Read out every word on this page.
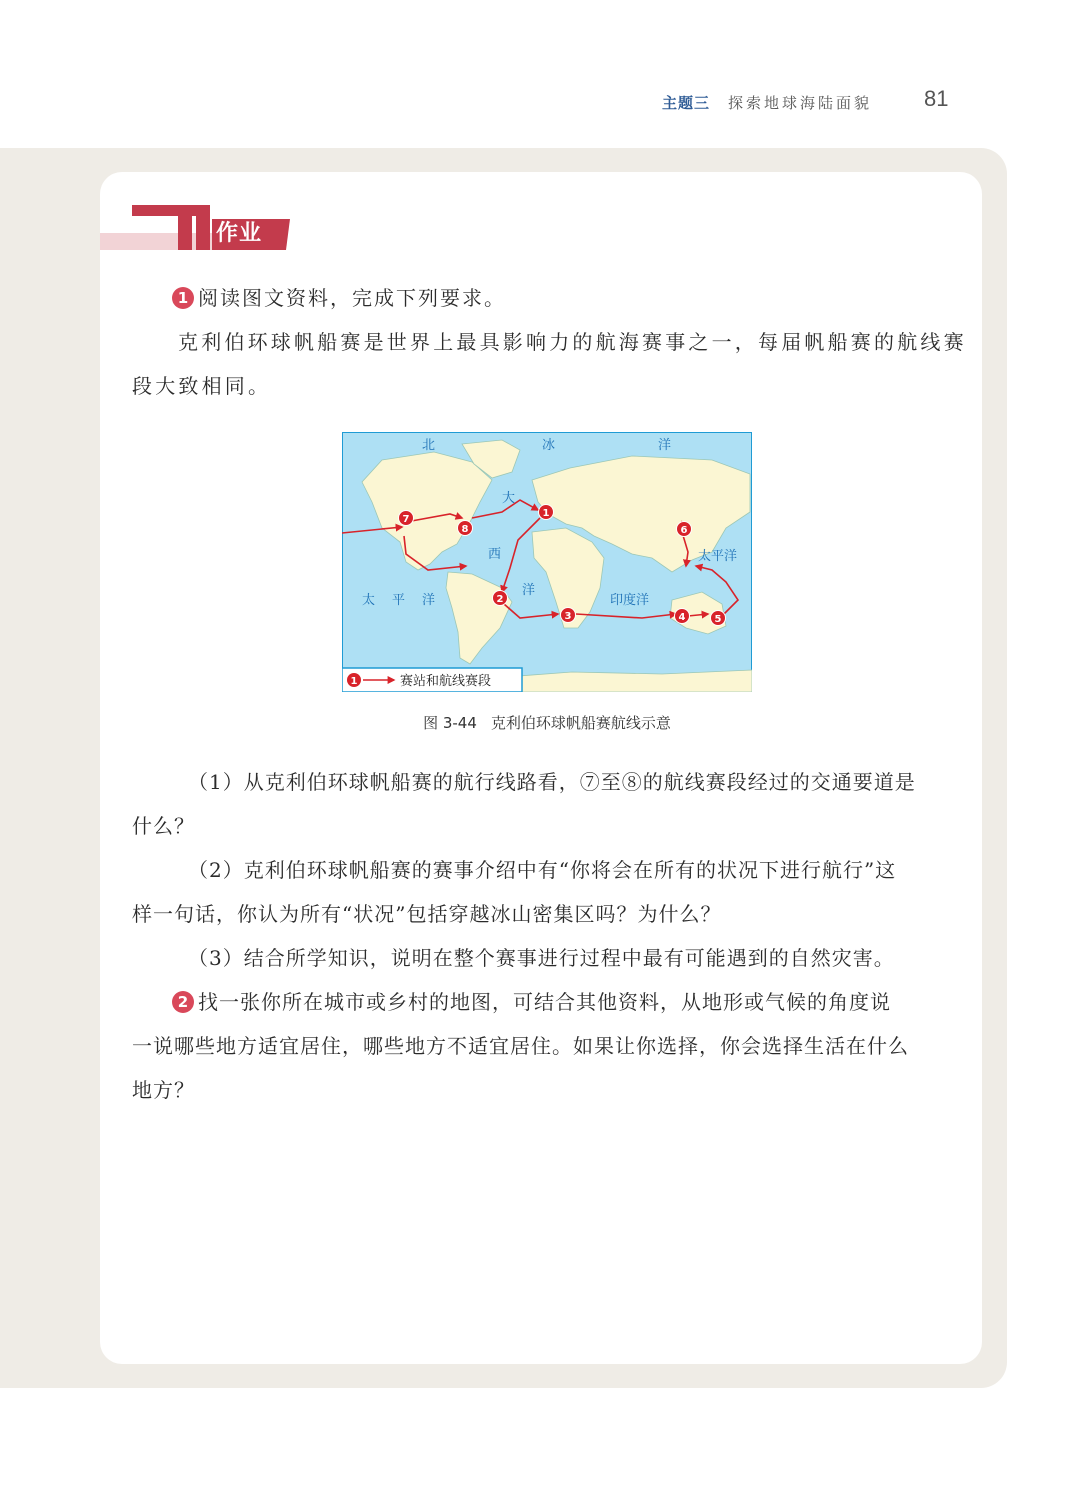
主题三 探索地球海陆面貌 81
作业
1 阅读图文资料，完成下列要求。
克利伯环球帆船赛是世界上最具影响力的航海赛事之一，每届帆船赛的航线赛
段大致相同。
1
2
3	4	5
6
7
8
北	冰	洋
大
西
洋
太平洋
太 平 洋	印度洋
1	赛站和航线赛段
图 3-44 克利伯环球帆船赛航线示意
（1）从克利伯环球帆船赛的航行线路看，⑦至⑧的航线赛段经过的交通要道是
什么？
（2）克利伯环球帆船赛的赛事介绍中有“你将会在所有的状况下进行航行”这
样一句话，你认为所有“状况”包括穿越冰山密集区吗？为什么？
（3）结合所学知识，说明在整个赛事进行过程中最有可能遇到的自然灾害。
2 找一张你所在城市或乡村的地图，可结合其他资料，从地形或气候的角度说
一说哪些地方适宜居住，哪些地方不适宜居住。如果让你选择，你会选择生活在什么
地方？
